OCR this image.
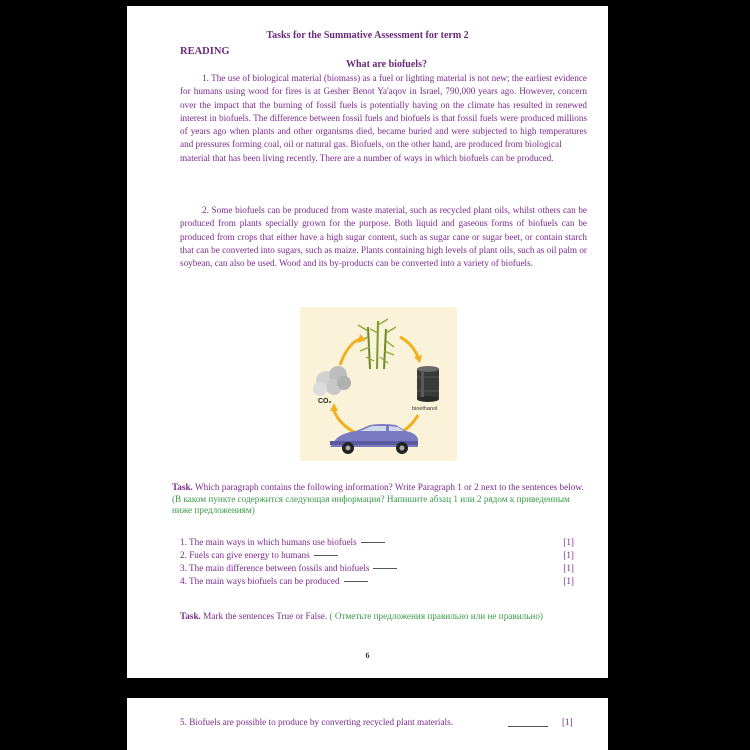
Tasks for the Summative Assessment for term 2
READING
What are biofuels?
1. The use of biological material (biomass) as a fuel or lighting material is not new; the earliest evidence for humans using wood for fires is at Gesher Benot Ya'aqov in Israel, 790,000 years ago. However, concern over the impact that the burning of fossil fuels is potentially having on the climate has resulted in renewed interest in biofuels. The difference between fossil fuels and biofuels is that fossil fuels were produced millions of years ago when plants and other organisms died, became buried and were subjected to high temperatures and pressures forming coal, oil or natural gas. Biofuels, on the other hand, are produced from biological
material that has been living recently. There are a number of ways in which biofuels can be produced.
2. Some biofuels can be produced from waste material, such as recycled plant oils, whilst others can be produced from plants specially grown for the purpose. Both liquid and gaseous forms of biofuels can be produced from crops that either have a high sugar content, such as sugar cane or sugar beet, or contain starch that can be converted into sugars, such as maize. Plants containing high levels of plant oils, such as oil palm or soybean, can also be used. Wood and its by-products can be converted into a variety of biofuels.
CO₂
bioethanol
Task. Which paragraph contains the following information? Write Paragraph 1 or 2 next to the sentences below. (В каком пункте содержится следующая информация? Напишите абзац 1 или 2 рядом к приведенным ниже предложениям)
1. The main ways in which humans use biofuels	[1]
2. Fuels can give energy to humans	[1]
3. The main difference between fossils and biofuels	[1]
4. The main ways biofuels can be produced	[1]
Task. Mark the sentences True or False. ( Отметьте предложения правильно или не правильно)
6
5. Biofuels are possible to produce by converting recycled plant materials.	[1]
